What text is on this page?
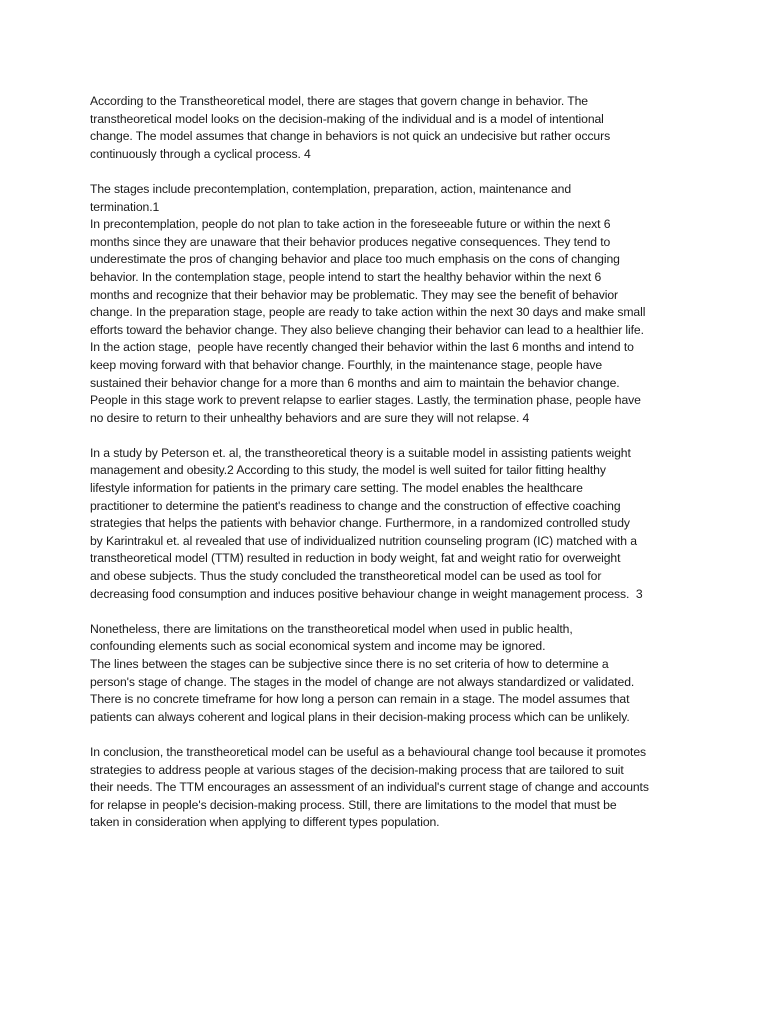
According to the Transtheoretical model, there are stages that govern change in behavior. The
transtheoretical model looks on the decision-making of the individual and is a model of intentional
change. The model assumes that change in behaviors is not quick an undecisive but rather occurs
continuously through a cyclical process. 4

The stages include precontemplation, contemplation, preparation, action, maintenance and
termination.1
In precontemplation, people do not plan to take action in the foreseeable future or within the next 6
months since they are unaware that their behavior produces negative consequences. They tend to
underestimate the pros of changing behavior and place too much emphasis on the cons of changing
behavior. In the contemplation stage, people intend to start the healthy behavior within the next 6
months and recognize that their behavior may be problematic. They may see the benefit of behavior
change. In the preparation stage, people are ready to take action within the next 30 days and make small
efforts toward the behavior change. They also believe changing their behavior can lead to a healthier life.
In the action stage,  people have recently changed their behavior within the last 6 months and intend to
keep moving forward with that behavior change. Fourthly, in the maintenance stage, people have
sustained their behavior change for a more than 6 months and aim to maintain the behavior change.
People in this stage work to prevent relapse to earlier stages. Lastly, the termination phase, people have
no desire to return to their unhealthy behaviors and are sure they will not relapse. 4

In a study by Peterson et. al, the transtheoretical theory is a suitable model in assisting patients weight
management and obesity.2 According to this study, the model is well suited for tailor fitting healthy
lifestyle information for patients in the primary care setting. The model enables the healthcare
practitioner to determine the patient's readiness to change and the construction of effective coaching
strategies that helps the patients with behavior change. Furthermore, in a randomized controlled study
by Karintrakul et. al revealed that use of individualized nutrition counseling program (IC) matched with a
transtheoretical model (TTM) resulted in reduction in body weight, fat and weight ratio for overweight
and obese subjects. Thus the study concluded the transtheoretical model can be used as tool for
decreasing food consumption and induces positive behaviour change in weight management process.  3

Nonetheless, there are limitations on the transtheoretical model when used in public health,
confounding elements such as social economical system and income may be ignored.
The lines between the stages can be subjective since there is no set criteria of how to determine a
person's stage of change. The stages in the model of change are not always standardized or validated.
There is no concrete timeframe for how long a person can remain in a stage. The model assumes that
patients can always coherent and logical plans in their decision-making process which can be unlikely.

In conclusion, the transtheoretical model can be useful as a behavioural change tool because it promotes
strategies to address people at various stages of the decision-making process that are tailored to suit
their needs. The TTM encourages an assessment of an individual's current stage of change and accounts
for relapse in people's decision-making process. Still, there are limitations to the model that must be
taken in consideration when applying to different types population.
